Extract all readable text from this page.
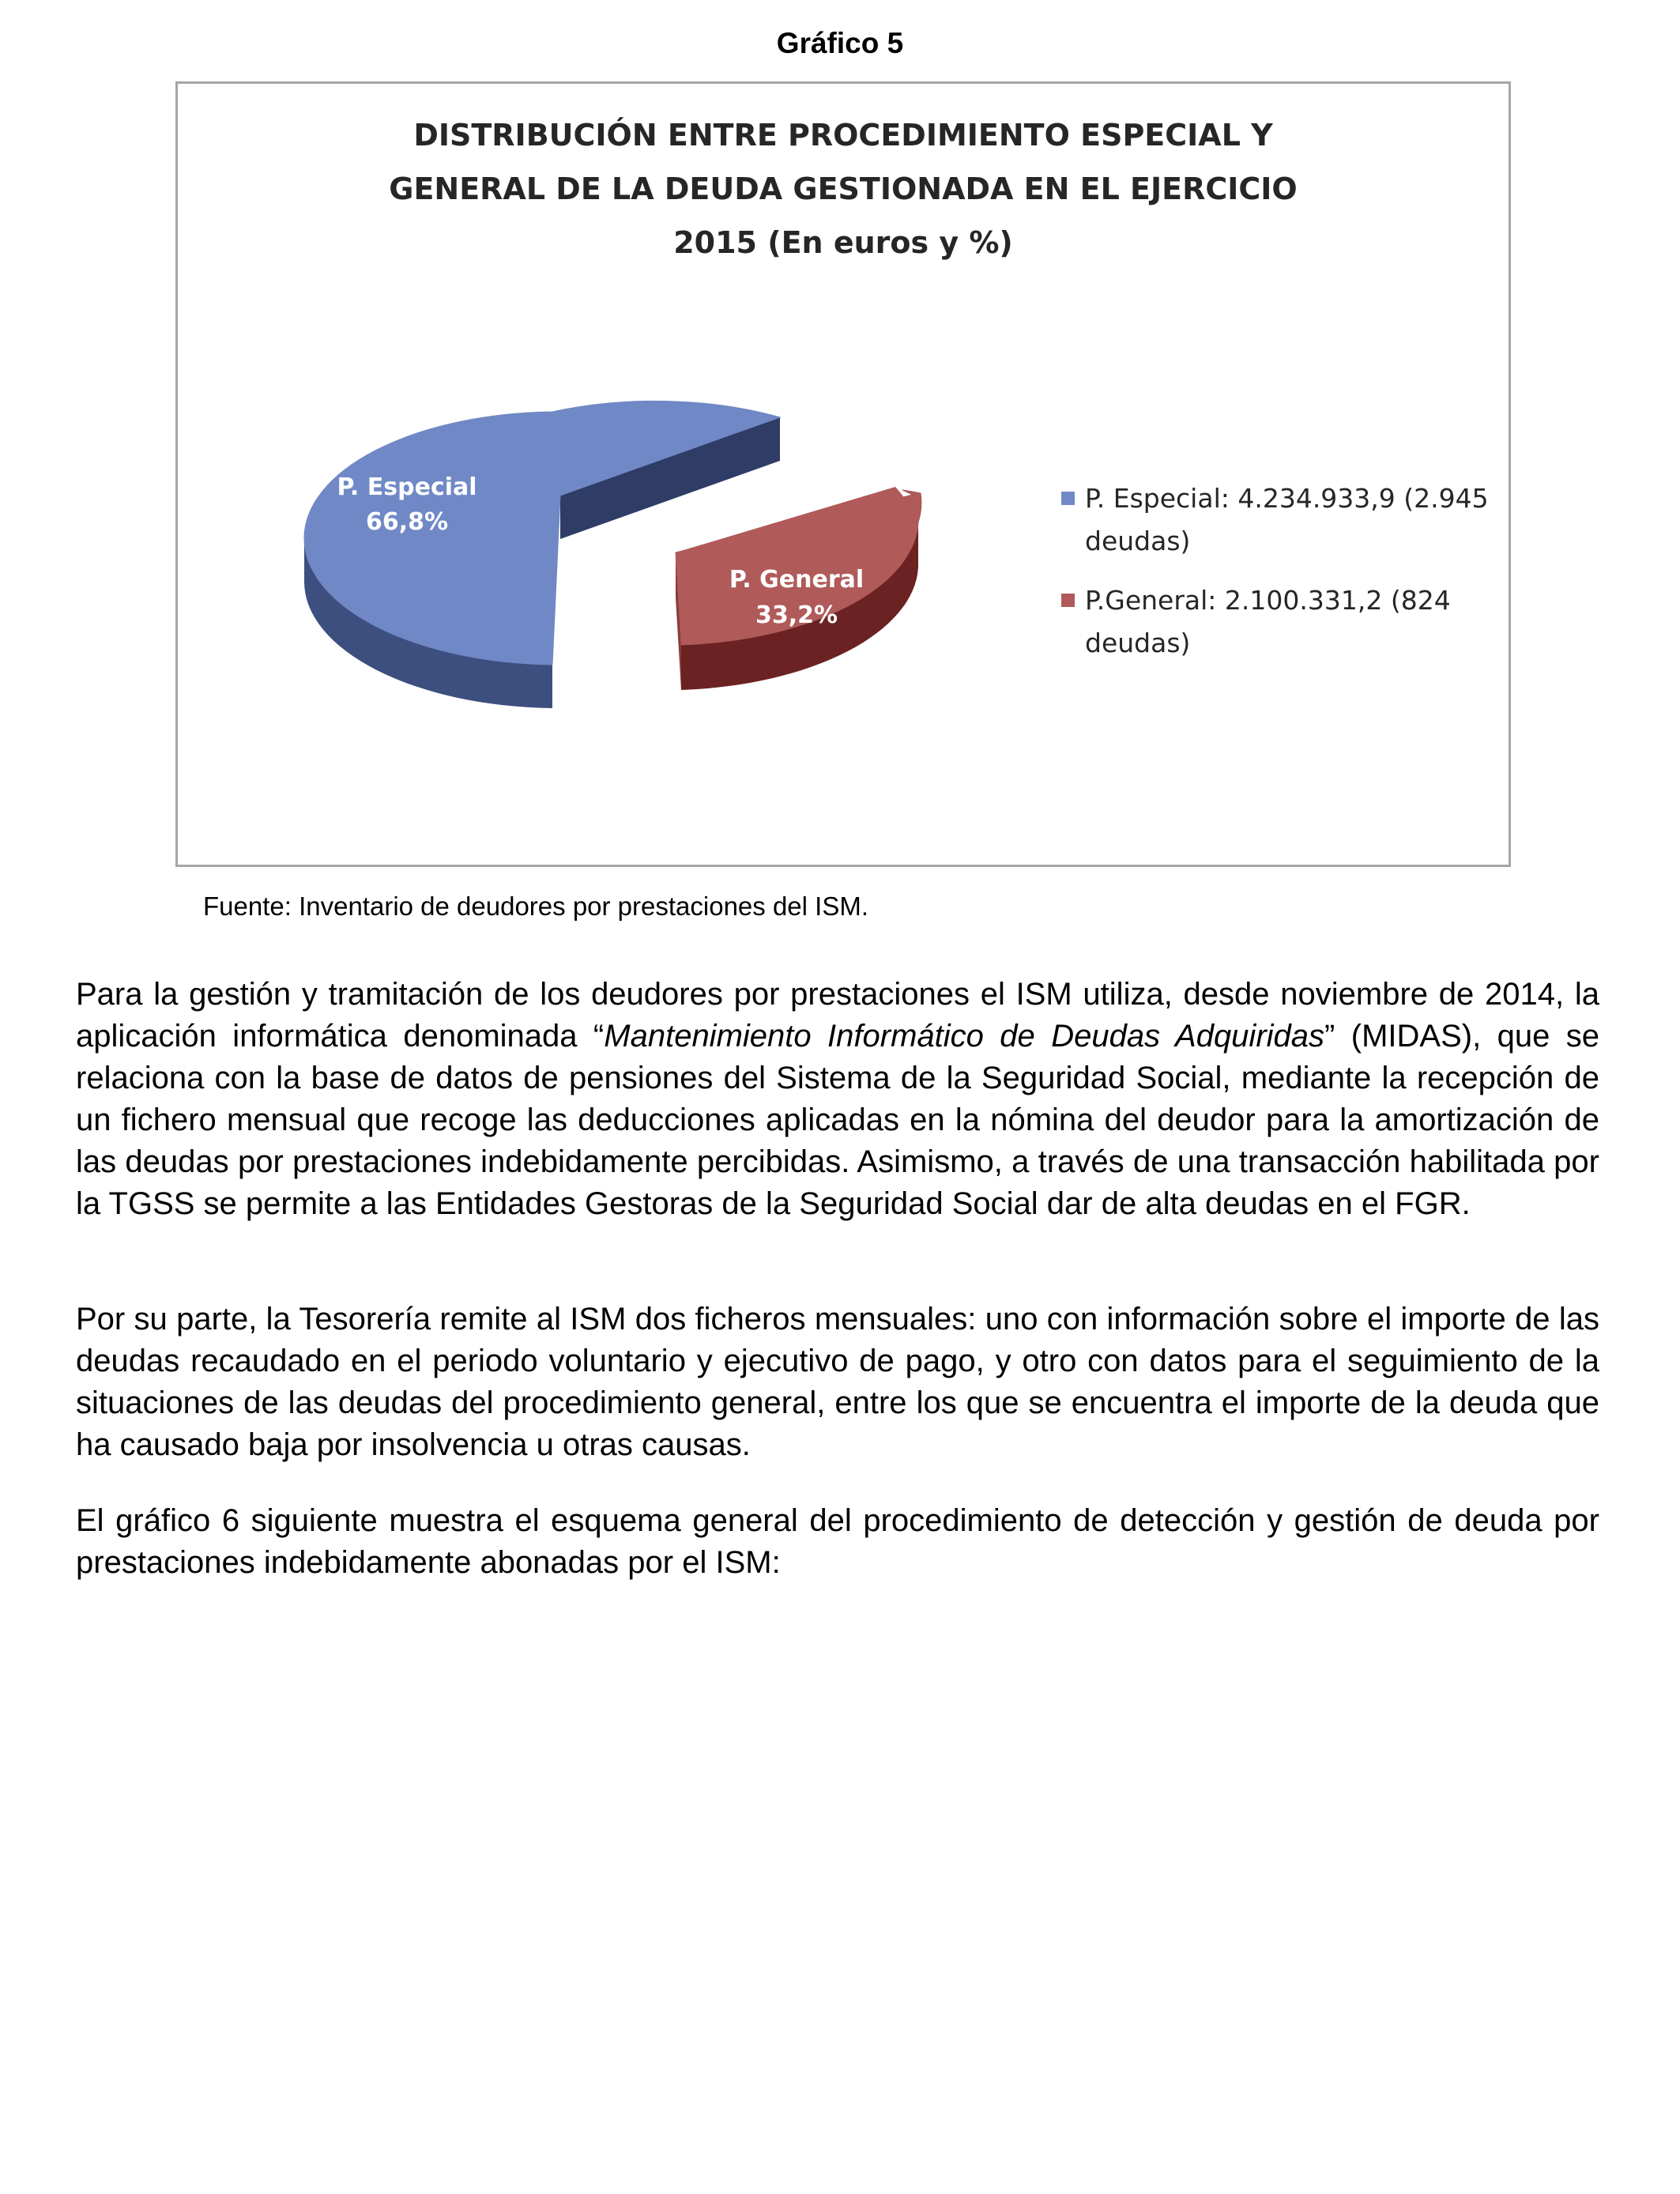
Gráfico 5
DISTRIBUCIÓN ENTRE PROCEDIMIENTO ESPECIAL Y
GENERAL DE LA DEUDA GESTIONADA EN EL EJERCICIO
2015 (En euros y %)
P. Especial
66,8%
P. General
33,2%
P. Especial: 4.234.933,9 (2.945
deudas)
P.General: 2.100.331,2 (824
deudas)
Fuente: Inventario de deudores por prestaciones del ISM.

Para la gestión y tramitación de los deudores por prestaciones el ISM utiliza, desde noviembre de 2014, la aplicación informática denominada “Mantenimiento Informático de Deudas Adquiridas” (MIDAS), que se relaciona con la base de datos de pensiones del Sistema de la Seguridad Social, mediante la recepción de un fichero mensual que recoge las deducciones aplicadas en la nómina del deudor para la amortización de las deudas por prestaciones indebidamente percibidas. Asimismo, a través de una transacción habilitada por la TGSS se permite a las Entidades Gestoras de la Seguridad Social dar de alta deudas en el FGR.

Por su parte, la Tesorería remite al ISM dos ficheros mensuales: uno con información sobre el importe de las deudas recaudado en el periodo voluntario y ejecutivo de pago, y otro con datos para el seguimiento de la situaciones de las deudas del procedimiento general, entre los que se encuentra el importe de la deuda que ha causado baja por insolvencia u otras causas.

El gráfico 6 siguiente muestra el esquema general del procedimiento de detección y gestión de deuda por prestaciones indebidamente abonadas por el ISM:
